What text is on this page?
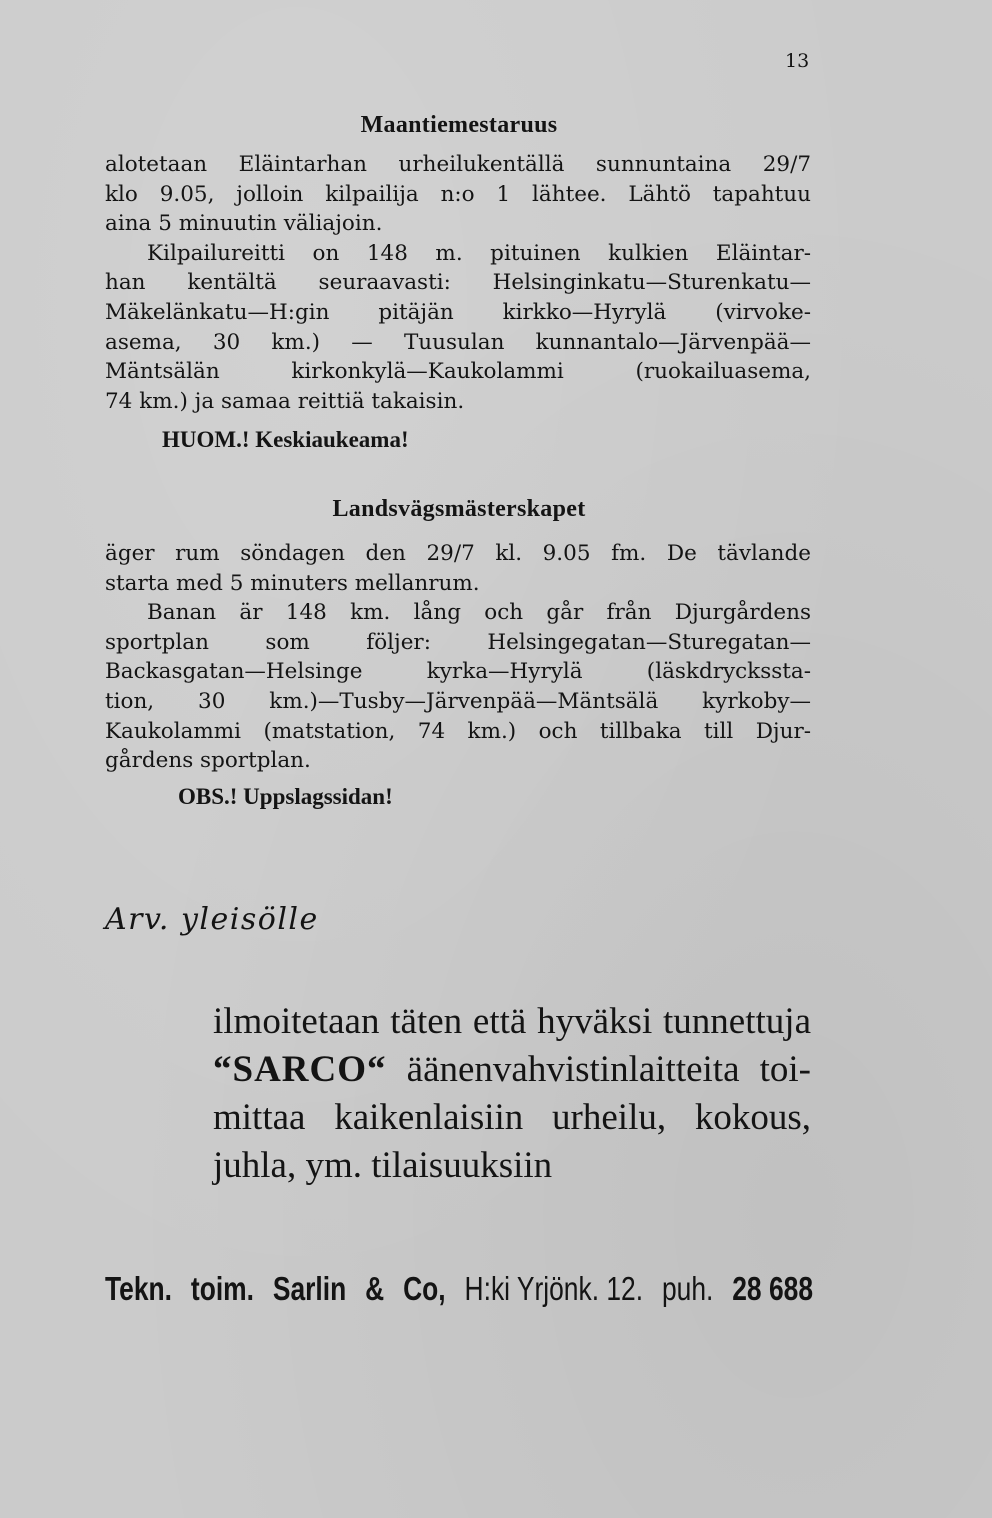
13
Maantiemestaruus
alotetaan Eläintarhan urheilukentällä sunnuntaina 29/7
klo 9.05, jolloin kilpailija n:o 1 lähtee. Lähtö tapahtuu
aina 5 minuutin väliajoin.
Kilpailureitti on 148 m. pituinen kulkien Eläintar-
han kentältä seuraavasti: Helsinginkatu—Sturenkatu—
Mäkelänkatu—H:gin pitäjän kirkko—Hyrylä (virvoke-
asema, 30 km.) — Tuusulan kunnantalo—Järvenpää—
Mäntsälän kirkonkylä—Kaukolammi (ruokailuasema,
74 km.) ja samaa reittiä takaisin.
HUOM.! Keskiaukeama!
Landsvägsmästerskapet
äger rum söndagen den 29/7 kl. 9.05 fm. De tävlande
starta med 5 minuters mellanrum.
Banan är 148 km. lång och går från Djurgårdens
sportplan som följer: Helsingegatan—Sturegatan—
Backasgatan—Helsinge kyrka—Hyrylä (läskdryckssta-
tion, 30 km.)—Tusby—Järvenpää—Mäntsälä kyrkoby—
Kaukolammi (matstation, 74 km.) och tillbaka till Djur-
gårdens sportplan.
OBS.! Uppslagssidan!
Arv. yleisölle
ilmoitetaan täten että hyväksi tunnettuja
“SARCO“ äänenvahvistinlaitteita toi-
mittaa kaikenlaisiin urheilu, kokous,
juhla, ym. tilaisuuksiin
Tekn. toim. Sarlin & Co, H:ki Yrjönk. 12. puh. 28 688
